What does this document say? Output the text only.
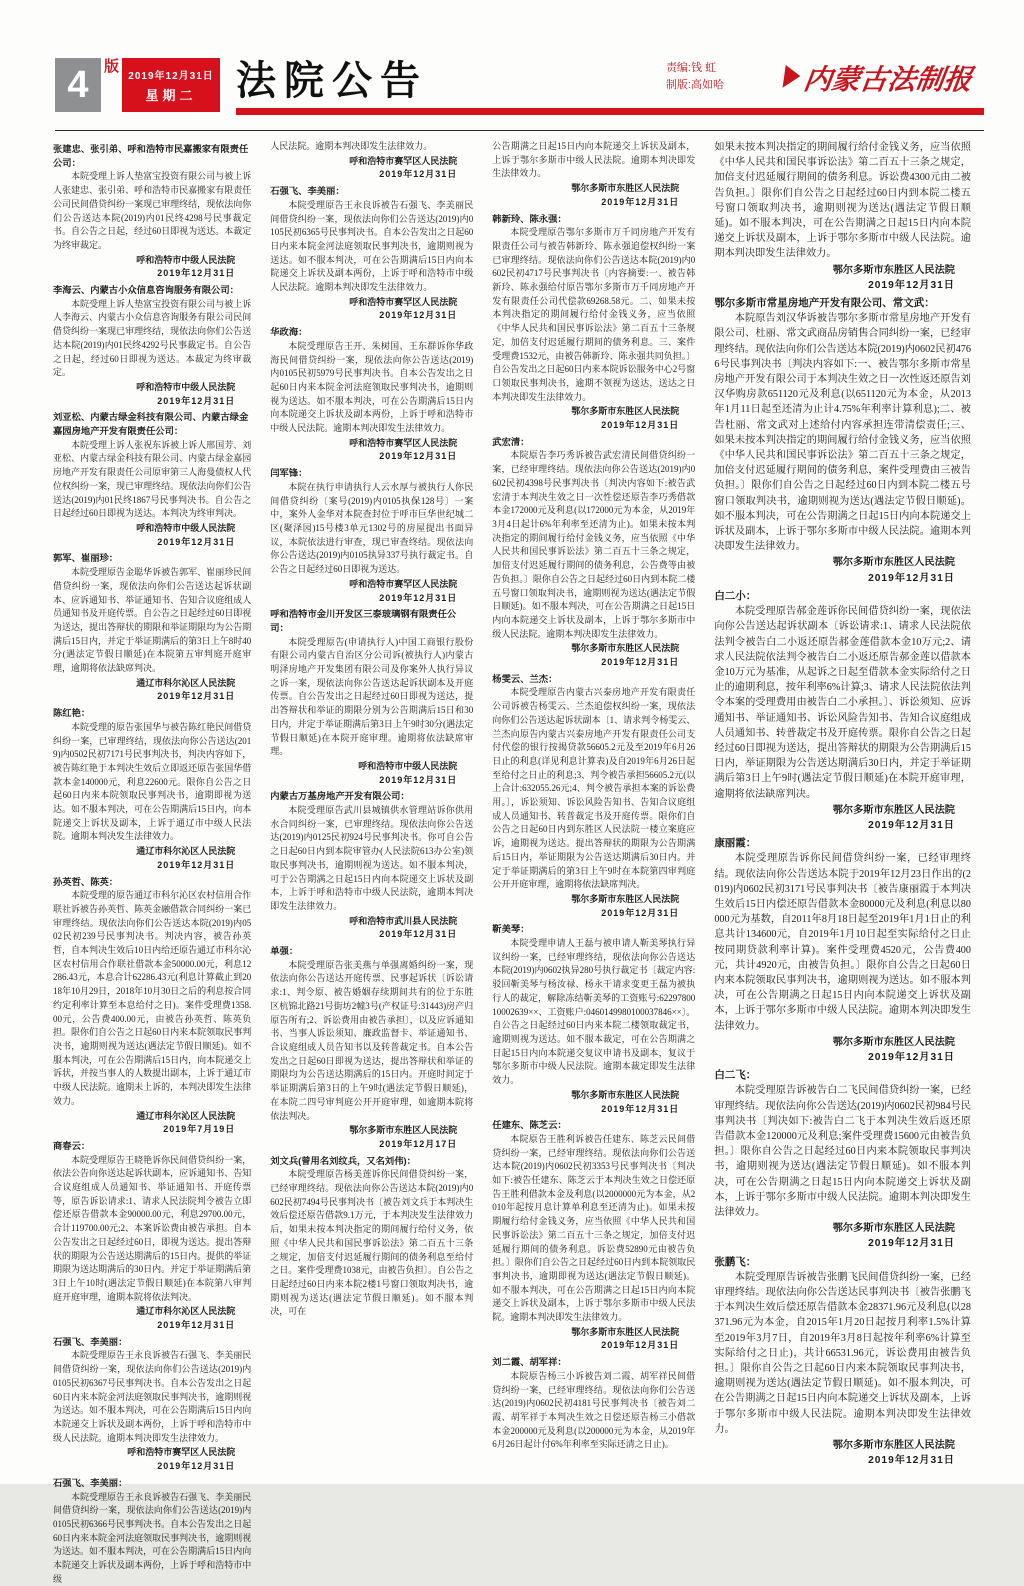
4	版
2019年12月31日
星期二 法院公告	责编:钱 虹
制版:高如哈	内蒙古法制报
张建忠、张引弟、呼和浩特市民嘉搬家有限责任公司：

本院受理上诉人垫富宝投资有限公司与被上诉人张建忠、张引弟、呼和浩特市民嘉搬家有限责任公司民间借贷纠纷一案现已审理终结，现依法向你们公告送达本院(2019)内01民终4298号民事裁定书。自公告之日起，经过60日即视为送达。本裁定为终审裁定。

呼和浩特市中级人民法院
2019年12月31日
李海云、内蒙古小众信息咨询服务有限公司：

本院受理上诉人垫富宝投资有限公司与被上诉人李海云、内蒙古小众信息咨询服务有限公司民间借贷纠纷一案现已审理终结，现依法向你们公告送达本院(2019)内01民终4292号民事裁定书。自公告之日起，经过60日即视为送达。本裁定为终审裁定。

呼和浩特市中级人民法院
2019年12月31日
刘亚松、内蒙古绿金科技有限公司、内蒙古绿金嘉园房地产开发有限责任公司：

本院受理上诉人张祝东诉被上诉人邢国芳、刘亚松、内蒙古绿金科技有限公司、内蒙古绿金嘉园房地产开发有限责任公司原审第三人海曼债权人代位权纠纷一案，现已审理终结。现依法向你们公告送达(2019)内01民终1867号民事判决书。自公告之日起经过60日即视为送达。本判决为终审判决。

呼和浩特市中级人民法院
2019年12月31日
郭军、崔丽珍：

本院受理原告金聪华诉被告郭军、崔丽珍民间借贷纠纷一案，现依法向你们公告送达起诉状副本、应诉通知书、举证通知书、告知合议庭组成人员通知书及开庭传票。自公告之日起经过60日即视为送达，提出答辩状的期限和举证期限均为公告期满后15日内，并定于举证期满后的第3日上午8时40分(遇法定节假日顺延)在本院第五审判庭开庭审理，逾期将依法缺席判决。

通辽市科尔沁区人民法院
2019年12月31日
陈红艳：

本院受理的原告张国华与被告陈红艳民间借贷纠纷一案，已审理终结，现依法向你公告送达(2019)内0502民初7171号民事判决书，判决内容如下，被告陈红艳于本判决生效后立即返还原告张国华借款本金140000元，利息22600元。限你自公告之日起60日内来本院领取民事判决书，逾期即视为送达。如不服本判决，可在公告期满后15日内，向本院递交上诉状及副本，上诉于通辽市中级人民法院。逾期本判决发生法律效力。

通辽市科尔沁区人民法院
2019年12月31日
孙英哲、陈英：

本院受理的原告通辽市科尔沁区农村信用合作联社诉被告孙英哲、陈英金融借款合同纠纷一案已审理终结。现依法向你们公告送达本院(2019)内0502民初239号民事判决书。判决内容，被告孙英哲，自本判决生效后10日内给还原告通辽市科尔沁区农村信用合作联社借款本金50000.00元，利息12286.43元，本息合计62286.43元(利息计算截止到2018年10月29日，2018年10月30日之后的利息按合同约定利率计算至本息给付之日)。案件受理费1358.00元，公告费400.00元，由被告孙英哲、陈英负担。限你们自公告之日起60日内来本院领取民事判决书，逾期则视为送达(遇法定节假日顺延)。如不服本判决，可在公告期满后15日内，向本院递交上诉状，并按当事人的人数提出副本，上诉于通辽市中级人民法院。逾期未上诉的，本判决即发生法律效力。

通辽市科尔沁区人民法院
2019年7月19日
商春云：

本院受理原告王晓艳诉你民间借贷纠纷一案，依法公告向你送达起诉状副本，应诉通知书、告知合议庭组成人员通知书、举证通知书、开庭传票等，原告诉讼请求:1、请求人民法院判令被告立即偿还原告借款本金90000.00元，利息29700.00元，合计119700.00元;2、本案诉讼费由被告承担。自本公告发出之日起经过60日，即视为送达。提出答辩状的期限为公告送达期满后的15日内。提供的举证期限为送达期满后的30日内。并定于举证期满后第3日上午10时(遇法定节假日顺延)在本院第八审判庭开庭审理，逾期本院将依法判决。

通辽市科尔沁区人民法院
2019年12月31日
石强飞、李美丽：

本院受理原告王永良诉被告石强飞、李美丽民间借贷纠纷一案，现依法向你们公告送达(2019)内0105民初6367号民事判决书。自本公告发出之日起60日内来本院金河法庭领取民事判决书，逾期则视为送达。如不服本判决，可在公告期满后15日内向本院递交上诉状及副本两份，上诉于呼和浩特市中级人民法院。逾期本判决即发生法律效力。

呼和浩特市赛罕区人民法院
2019年12月31日
石强飞、李美丽：

本院受理原告王永良诉被告石强飞、李美丽民间借贷纠纷一案，现依法向你们公告送达(2019)内0105民初6366号民事判决书。自本公告发出之日起60日内来本院金河法庭领取民事判决书，逾期则视为送达。如不服本判决，可在公告期满后15日内向本院递交上诉状及副本两份，上诉于呼和浩特市中级

人民法院。逾期本判决即发生法律效力。

呼和浩特市赛罕区人民法院
2019年12月31日
石强飞、李美丽：

本院受理原告王永良诉被告石强飞、李美丽民间借贷纠纷一案，现依法向你们公告送达(2019)内0105民初6365号民事判决书。自本公告发出之日起60日内来本院金河法庭领取民事判决书，逾期则视为送达。如不服本判决，可在公告期满后15日内向本院递交上诉状及副本两份，上诉于呼和浩特市中级人民法院。逾期本判决即发生法律效力。

呼和浩特市赛罕区人民法院
2019年12月31日
华政海：

本院受理原告王开、朱树国、王东群诉你华政海民间借贷纠纷一案，现依法向你公告送达(2019)内0105民初5979号民事判决书。自本公告发出之日起60日内来本院金河法庭领取民事判决书，逾期则视为送达。如不服本判决，可在公告期满后15日内向本院递交上诉状及副本两份，上诉于呼和浩特市中级人民法院。逾期本判决即发生法律效力。

呼和浩特市赛罕区人民法院
2019年12月31日
闫军锋：

本院在执行申请执行人云水厚与被执行人你民间借贷纠纷〔案号(2019)内0105执保128号〕一案中，案外人金华对本院查封位于呼市巨华世纪城二区(聚泽园)15号楼3单元1302号的房屋提出书面异议，本院依法进行审查，现已审查终结。现依法向你公告送达(2019)内0105执异337号执行裁定书。自公告之日起经过60日即视为送达。

呼和浩特市赛罕区人民法院
2019年12月31日
呼和浩特市金川开发区三泰玻璃钢有限责任公司：

本院受理原告(申请执行人)中国工商银行股份有限公司内蒙古自治区分公司诉(被执行人)内蒙古明泽房地产开发集团有限公司及你案外人执行异议之诉一案，现依法向你公告送达起诉状副本及开庭传票。自公告发出之日起经过60日即视为送达，提出答辩状和举证的期限分别为公告期满后15日和30日内，并定于举证期满后第3日上午9时30分(遇法定节假日顺延)在本院开庭审理。逾期将依法缺席审理。

呼和浩特市中级人民法院
2019年12月31日
内蒙古万基房地产开发有限公司：

本院受理原告武川县城镇供水管理站诉你供用水合同纠纷一案，已审理终结。现依法向你公告送达(2019)内0125民初924号民事判决书。你可自公告之日起60日内到本院审管办(人民法院613办公室)领取民事判决书，逾期则视为送达。如不服本判决，可于公告期满之日起15日内向本院递交上诉状及副本，上诉于呼和浩特市中级人民法院，逾期本判决即发生法律效力。

呼和浩特市武川县人民法院
2019年12月31日
单强：

本院受理原告张美燕与单强离婚纠纷一案，现依法向你公告送达开庭传票、民事起诉状〔诉讼请求:1、判令原、被告婚姻存续期间共有的位于东胜区杭锦北路21号街坊2幢3号(产权证号:31443)房产归原告所有;2、诉讼费用由被告承担〕，以及应诉通知书、当事人诉讼须知、廉政监督卡、举证通知书、合议庭组成人员告知书以及转普裁定书。自本公告发出之日起60日即视为送达，提出答辩状和举证的期限均为公告送达期满后的15日内。开庭时间定于举证期满后第3日的上午9时(遇法定节假日顺延)，在本院二四号审判庭公开开庭审理，如逾期本院将依法判决。

鄂尔多斯市东胜区人民法院
2019年12月17日
刘文兵(曾用名刘纹兵，又名刘伟)：

本院受理原告杨美莲诉你民间借贷纠纷一案，已经审理终结。现依法向你公告送达本院(2019)内0602民初7494号民事判决书〔被告刘文兵于本判决生效后偿还原告借款9.1万元，于本判决发生法律效力后，如果未按本判决指定的期间履行给付义务，依照《中华人民共和国民事诉讼法》第二百五十三条之规定，加倍支付迟延履行期间的债务利息至给付之日。案件受理费1038元，由被告负担〕。自公告之日起经过60日内来本院2楼1号窗口领取判决书，逾期则视为送达(遇法定节假日顺延)。如不服本判决，可在

公告期满之日起15日内向本院递交上诉状及副本，上诉于鄂尔多斯市中级人民法院。逾期本判决即发生法律效力。

鄂尔多斯市东胜区人民法院
2019年12月31日
韩新玲、陈永强：

本院受理原告鄂尔多斯市万千同房地产开发有限责任公司与被告韩新玲、陈永强追偿权纠纷一案已审理终结。现依法向你们公告送达本院(2019)内0602民初4717号民事判决书〔内容摘要:一、被告韩新玲、陈永强给付原告鄂尔多斯市万千同房地产开发有限责任公司代偿款69268.58元。二、如果未按本判决指定的期间履行给付金钱义务，应当依照《中华人民共和国民事诉讼法》第二百五十三条规定，加倍支付迟延履行期间的债务利息。三、案件受理费1532元，由被告韩新玲、陈永强共同负担。〕自公告发出之日起60日内来本院诉讼服务中心2号窗口领取民事判决书，逾期不领视为送达，送达之日本判决即发生法律效力。

鄂尔多斯市东胜区人民法院
2019年12月31日
武宏清：

本院原告李巧秀诉被告武宏清民间借贷纠纷一案，已经审理终结。现依法向你公告送达(2019)内0602民初4398号民事判决书〔判决内容如下:被告武宏清于本判决生效之日一次性偿还原告李巧秀借款本金172000元及利息(以172000元为本金，从2019年3月4日起计6%年利率至还清为止)。如果未按本判决指定的期间履行给付金钱义务，应当依照《中华人民共和国民事诉讼法》第二百五十三条之规定，加倍支付迟延履行期间的债务利息，公告费等由被告负担。〕限你自公告之日起经过60日内到本院二楼五号窗口领取判决书，逾期则视为送达(遇法定节假日顺延)。如不服本判决，可在公告期满之日起15日内向本院递交上诉状及副本，上诉于鄂尔多斯市中级人民法院。逾期本判决即发生法律效力。

鄂尔多斯市东胜区人民法院
2019年12月31日
杨雯云、兰杰：

本院受理原告内蒙古兴泰房地产开发有限责任公司诉被告杨雯云、兰杰追偿权纠纷一案，现依法向你们公告送达起诉状副本〔1、请求判令杨雯云、兰杰向原告内蒙古兴泰房地产开发有限责任公司支付代偿的银行按揭贷款56605.2元及至2019年6月26日止的利息(详见利息计算表)及自2019年6月26日起至给付之日止的利息;3、判令被告承担56605.2元(以上合计:632055.26元;4、判令被告承担本案的诉讼费用。〕，诉讼须知、诉讼风险告知书、告知合议庭组成人员通知书、转普裁定书及开庭传票。限你们自公告之日起60日内到东胜区人民法院一楼立案庭应诉，逾期视为送达。提出答辩状的期限为公告期满后15日内，举证期限为公告送达期满后30日内。并定于举证期满后的第3日上午9时在本院第四审判庭公开开庭审理，逾期将依法缺席判决。

鄂尔多斯市东胜区人民法院
2019年12月31日
靳美琴：

本院受理申请人王磊与被申请人靳美琴执行异议纠纷一案，已经审理终结，现依法向你公告送达本院(2019)内0602执异280号执行裁定书〔裁定内容:驳回靳美琴与杨汝禄、杨永干请求变更王磊为被执行人的裁定，解除冻结靳美琴的工资账号:6229780010002639××、工资账户:0460149980100037846××〕。自公告之日起经过60日内来本院二楼领取裁定书，逾期则视为送达。如不服本裁定，可在公告期满之日起15日内向本院递交复议申请书及副本，复议于鄂尔多斯市中级人民法院。逾期本裁定即发生法律效力。

鄂尔多斯市东胜区人民法院
2019年12月31日
任建东、陈芝云：

本院原告王胜利诉被告任建东、陈芝云民间借贷纠纷一案，已经审理终结。现依法向你们公告送达本院(2019)内0602民初3353号民事判决书〔判决如下:被告任建东、陈芝云于本判决生效之日偿还原告王胜利借款本金及利息(以2000000元为本金，从2010年起按月息计算单利息至还清为止)。如果未按期履行给付金钱义务，应当依照《中华人民共和国民事诉讼法》第二百五十三条之规定，加倍支付迟延履行期间的债务利息。诉讼费52890元由被告负担。〕限你们自公告之日起经过60日内到本院领取民事判决书，逾期即视为送达(遇法定节假日顺延)。如不服本判决，可在公告期满之日起15日内向本院递交上诉状及副本，上诉于鄂尔多斯市中级人民法院。逾期本判决即发生法律效力。

鄂尔多斯市东胜区人民法院
2019年12月31日
刘二霞、胡军祥：

本院原告杨三小诉被告刘二霞、胡军祥民间借贷纠纷一案，已经审理终结。现依法向你们公告送达(2019)内0602民初4181号民事判决书〔被告刘二霞、胡军祥于本判决生效之日偿还原告杨三小借款本金200000元及利息(以200000元为本金，从2019年6月26日起计付6%年利率至实际还清之日止)。

如果未按本判决指定的期间履行给付金钱义务，应当依照《中华人民共和国民事诉讼法》第二百五十三条之规定，加倍支付迟延履行期间的债务利息。诉讼费4300元由二被告负担。〕限你们自公告之日起经过60日内到本院二楼五号窗口领取判决书，逾期则视为送达(遇法定节假日顺延)。如不服本判决，可在公告期满之日起15日内向本院递交上诉状及副本，上诉于鄂尔多斯市中级人民法院。逾期本判决即发生法律效力。

鄂尔多斯市东胜区人民法院
2019年12月31日
鄂尔多斯市常星房地产开发有限公司、常文武：

本院原告刘汉华诉被告鄂尔多斯市常星房地产开发有限公司、杜丽、常文武商品房销售合同纠纷一案，已经审理终结。现依法向你们公告送达本院(2019)内0602民初4766号民事判决书〔判决内容如下:一、被告鄂尔多斯市常星房地产开发有限公司于本判决生效之日一次性返还原告刘汉华购房款651120元及利息(以651120元为本金，从2013年1月11日起至还清为止计4.75%年利率计算利息);二、被告杜丽、常文武对上述给付内容承担连带清偿责任;三、如果未按本判决指定的期间履行给付金钱义务，应当依照《中华人民共和国民事诉讼法》第二百五十三条之规定，加倍支付迟延履行期间的债务利息，案件受理费由三被告负担。〕限你们自公告之日起经过60日内到本院二楼五号窗口领取判决书，逾期则视为送达(遇法定节假日顺延)。如不服本判决，可在公告期满之日起15日内向本院递交上诉状及副本，上诉于鄂尔多斯市中级人民法院。逾期本判决即发生法律效力。

鄂尔多斯市东胜区人民法院
2019年12月31日
白二小：

本院受理原告郝金莲诉你民间借贷纠纷一案，现依法向你公告送达起诉状副本〔诉讼请求:1、请求人民法院依法判令被告白二小返还原告郝金莲借款本金10万元;2、请求人民法院依法判令被告白二小返还原告郝金莲以借款本金10万元为基准，从起诉之日起至借款本金实际给付之日止的逾期利息，按年利率6%计算;3、请求人民法院依法判令本案的受理费用由被告白二小承担。〕、诉讼须知、应诉通知书、举证通知书、诉讼风险告知书、告知合议庭组成人员通知书、转普裁定书及开庭传票。限你自公告之日起经过60日即视为送达，提出答辩状的期限为公告期满后15日内，举证期限为公告送达期满后30日内，并定于举证期满后第3日上午9时(遇法定节假日顺延)在本院开庭审理，逾期将依法缺席判决。

鄂尔多斯市东胜区人民法院
2019年12月31日
康丽霞：

本院受理原告诉你民间借贷纠纷一案，已经审理终结。现依法向你公告送达本院于2019年12月23日作出的(2019)内0602民初3171号民事判决书〔被告康丽霞于本判决生效后15日内偿还原告借款本金80000元及利息(利息以80000元为基数，自2011年8月18日起至2019年1月1日止的利息共计134600元，自2019年1月10日起至实际给付之日止按同期贷款利率计算)。案件受理费4520元，公告费400元，共计4920元，由被告负担。〕限你自公告之日起60日内来本院领取民事判决书，逾期则视为送达。如不服本判决，可在公告期满之日起15日内向本院递交上诉状及副本，上诉于鄂尔多斯市中级人民法院。逾期本判决即发生法律效力。

鄂尔多斯市东胜区人民法院
2019年12月31日
白二飞：

本院受理原告诉被告白二飞民间借贷纠纷一案，已经审理终结。现依法向你公告送达(2019)内0602民初984号民事判决书〔判决如下:被告白二飞于本判决生效后返还原告借款本金120000元及利息;案件受理费15600元由被告负担。〕限你自公告之日起经过60日内来本院领取民事判决书，逾期则视为送达(遇法定节假日顺延)。如不服本判决，可在公告期满之日起15日内向本院递交上诉状及副本，上诉于鄂尔多斯市中级人民法院。逾期本判决即发生法律效力。

鄂尔多斯市东胜区人民法院
2019年12月31日
张鹏飞：

本院受理原告诉被告张鹏飞民间借贷纠纷一案，已经审理终结。现依法向你公告送达民事判决书〔被告张鹏飞于本判决生效后偿还原告借款本金28371.96元及利息(以28371.96元为本金，自2015年1月20日起按月利率1.5%计算至2019年3月7日，自2019年3月8日起按年利率6%计算至实际给付之日止)，共计66531.96元，诉讼费用由被告负担。〕限你自公告之日起60日内来本院领取民事判决书，逾期则视为送达(遇法定节假日顺延)。如不服本判决，可在公告期满之日起15日内向本院递交上诉状及副本，上诉于鄂尔多斯市中级人民法院。逾期本判决即发生法律效力。

鄂尔多斯市东胜区人民法院
2019年12月31日
